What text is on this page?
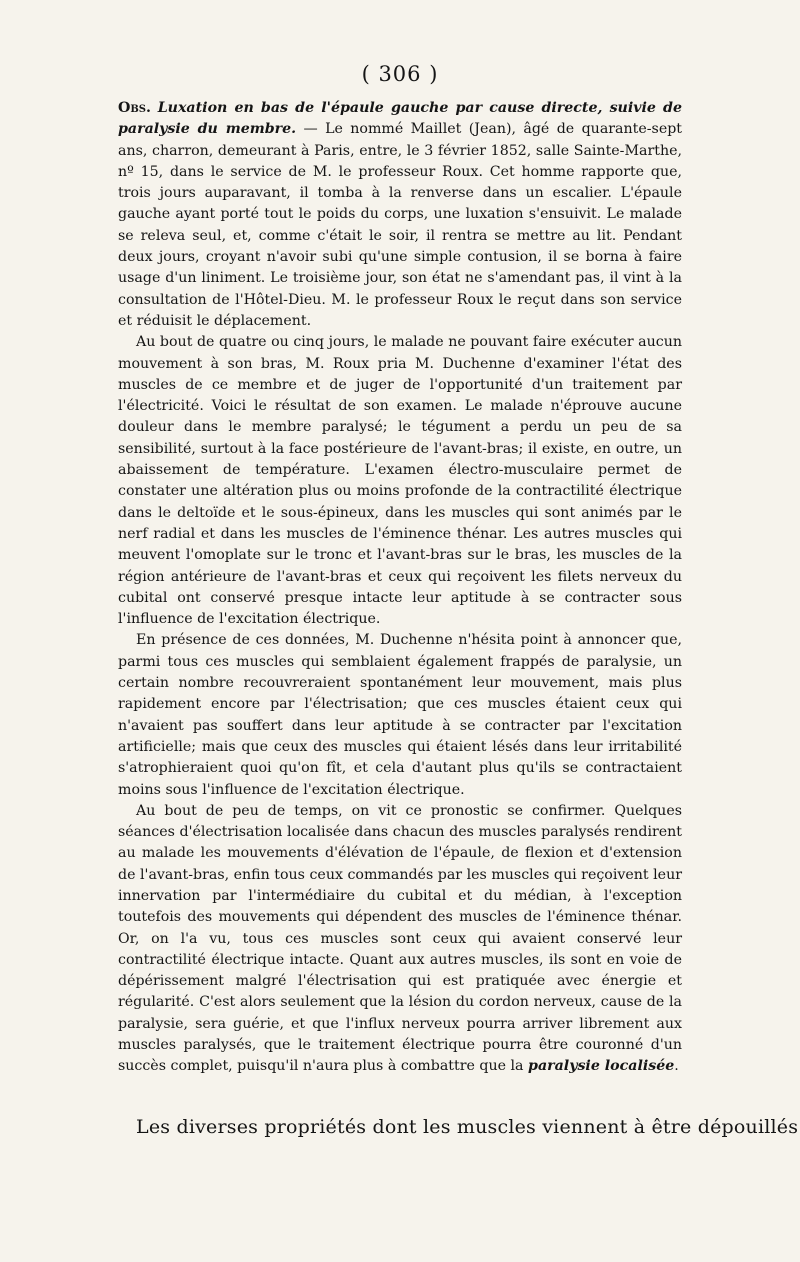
( 306 )

Obs. Luxation en bas de l'épaule gauche par cause directe, suivie de paralysie du membre. — Le nommé Maillet (Jean), âgé de quarante-sept ans, charron, demeurant à Paris, entre, le 3 février 1852, salle Sainte-Marthe, nº 15, dans le service de M. le professeur Roux. Cet homme rapporte que, trois jours auparavant, il tomba à la renverse dans un escalier. L'épaule gauche ayant porté tout le poids du corps, une luxation s'ensuivit. Le malade se releva seul, et, comme c'était le soir, il rentra se mettre au lit. Pendant deux jours, croyant n'avoir subi qu'une simple contusion, il se borna à faire usage d'un liniment. Le troisième jour, son état ne s'amendant pas, il vint à la consultation de l'Hôtel-Dieu. M. le professeur Roux le reçut dans son service et réduisit le déplacement.

Au bout de quatre ou cinq jours, le malade ne pouvant faire exécuter aucun mouvement à son bras, M. Roux pria M. Duchenne d'examiner l'état des muscles de ce membre et de juger de l'opportunité d'un traitement par l'électricité. Voici le résultat de son examen. Le malade n'éprouve aucune douleur dans le membre paralysé; le tégument a perdu un peu de sa sensibilité, surtout à la face postérieure de l'avant-bras; il existe, en outre, un abaissement de température. L'examen électro-musculaire permet de constater une altération plus ou moins profonde de la contractilité électrique dans le deltoïde et le sous-épineux, dans les muscles qui sont animés par le nerf radial et dans les muscles de l'éminence thénar. Les autres muscles qui meuvent l'omoplate sur le tronc et l'avant-bras sur le bras, les muscles de la région antérieure de l'avant-bras et ceux qui reçoivent les filets nerveux du cubital ont conservé presque intacte leur aptitude à se contracter sous l'influence de l'excitation électrique.

En présence de ces données, M. Duchenne n'hésita point à annoncer que, parmi tous ces muscles qui semblaient également frappés de paralysie, un certain nombre recouvreraient spontanément leur mouvement, mais plus rapidement encore par l'électrisation; que ces muscles étaient ceux qui n'avaient pas souffert dans leur aptitude à se contracter par l'excitation artificielle; mais que ceux des muscles qui étaient lésés dans leur irritabilité s'atrophieraient quoi qu'on fît, et cela d'autant plus qu'ils se contractaient moins sous l'influence de l'excitation électrique.

Au bout de peu de temps, on vit ce pronostic se confirmer. Quelques séances d'électrisation localisée dans chacun des muscles paralysés rendirent au malade les mouvements d'élévation de l'épaule, de flexion et d'extension de l'avant-bras, enfin tous ceux commandés par les muscles qui reçoivent leur innervation par l'intermédiaire du cubital et du médian, à l'exception toutefois des mouvements qui dépendent des muscles de l'éminence thénar. Or, on l'a vu, tous ces muscles sont ceux qui avaient conservé leur contractilité électrique intacte. Quant aux autres muscles, ils sont en voie de dépérissement malgré l'électrisation qui est pratiquée avec énergie et régularité. C'est alors seulement que la lésion du cordon nerveux, cause de la paralysie, sera guérie, et que l'influx nerveux pourra arriver librement aux muscles paralysés, que le traitement électrique pourra être couronné d'un succès complet, puisqu'il n'aura plus à combattre que la paralysie localisée.

Les diverses propriétés dont les muscles viennent à être dépouillés
